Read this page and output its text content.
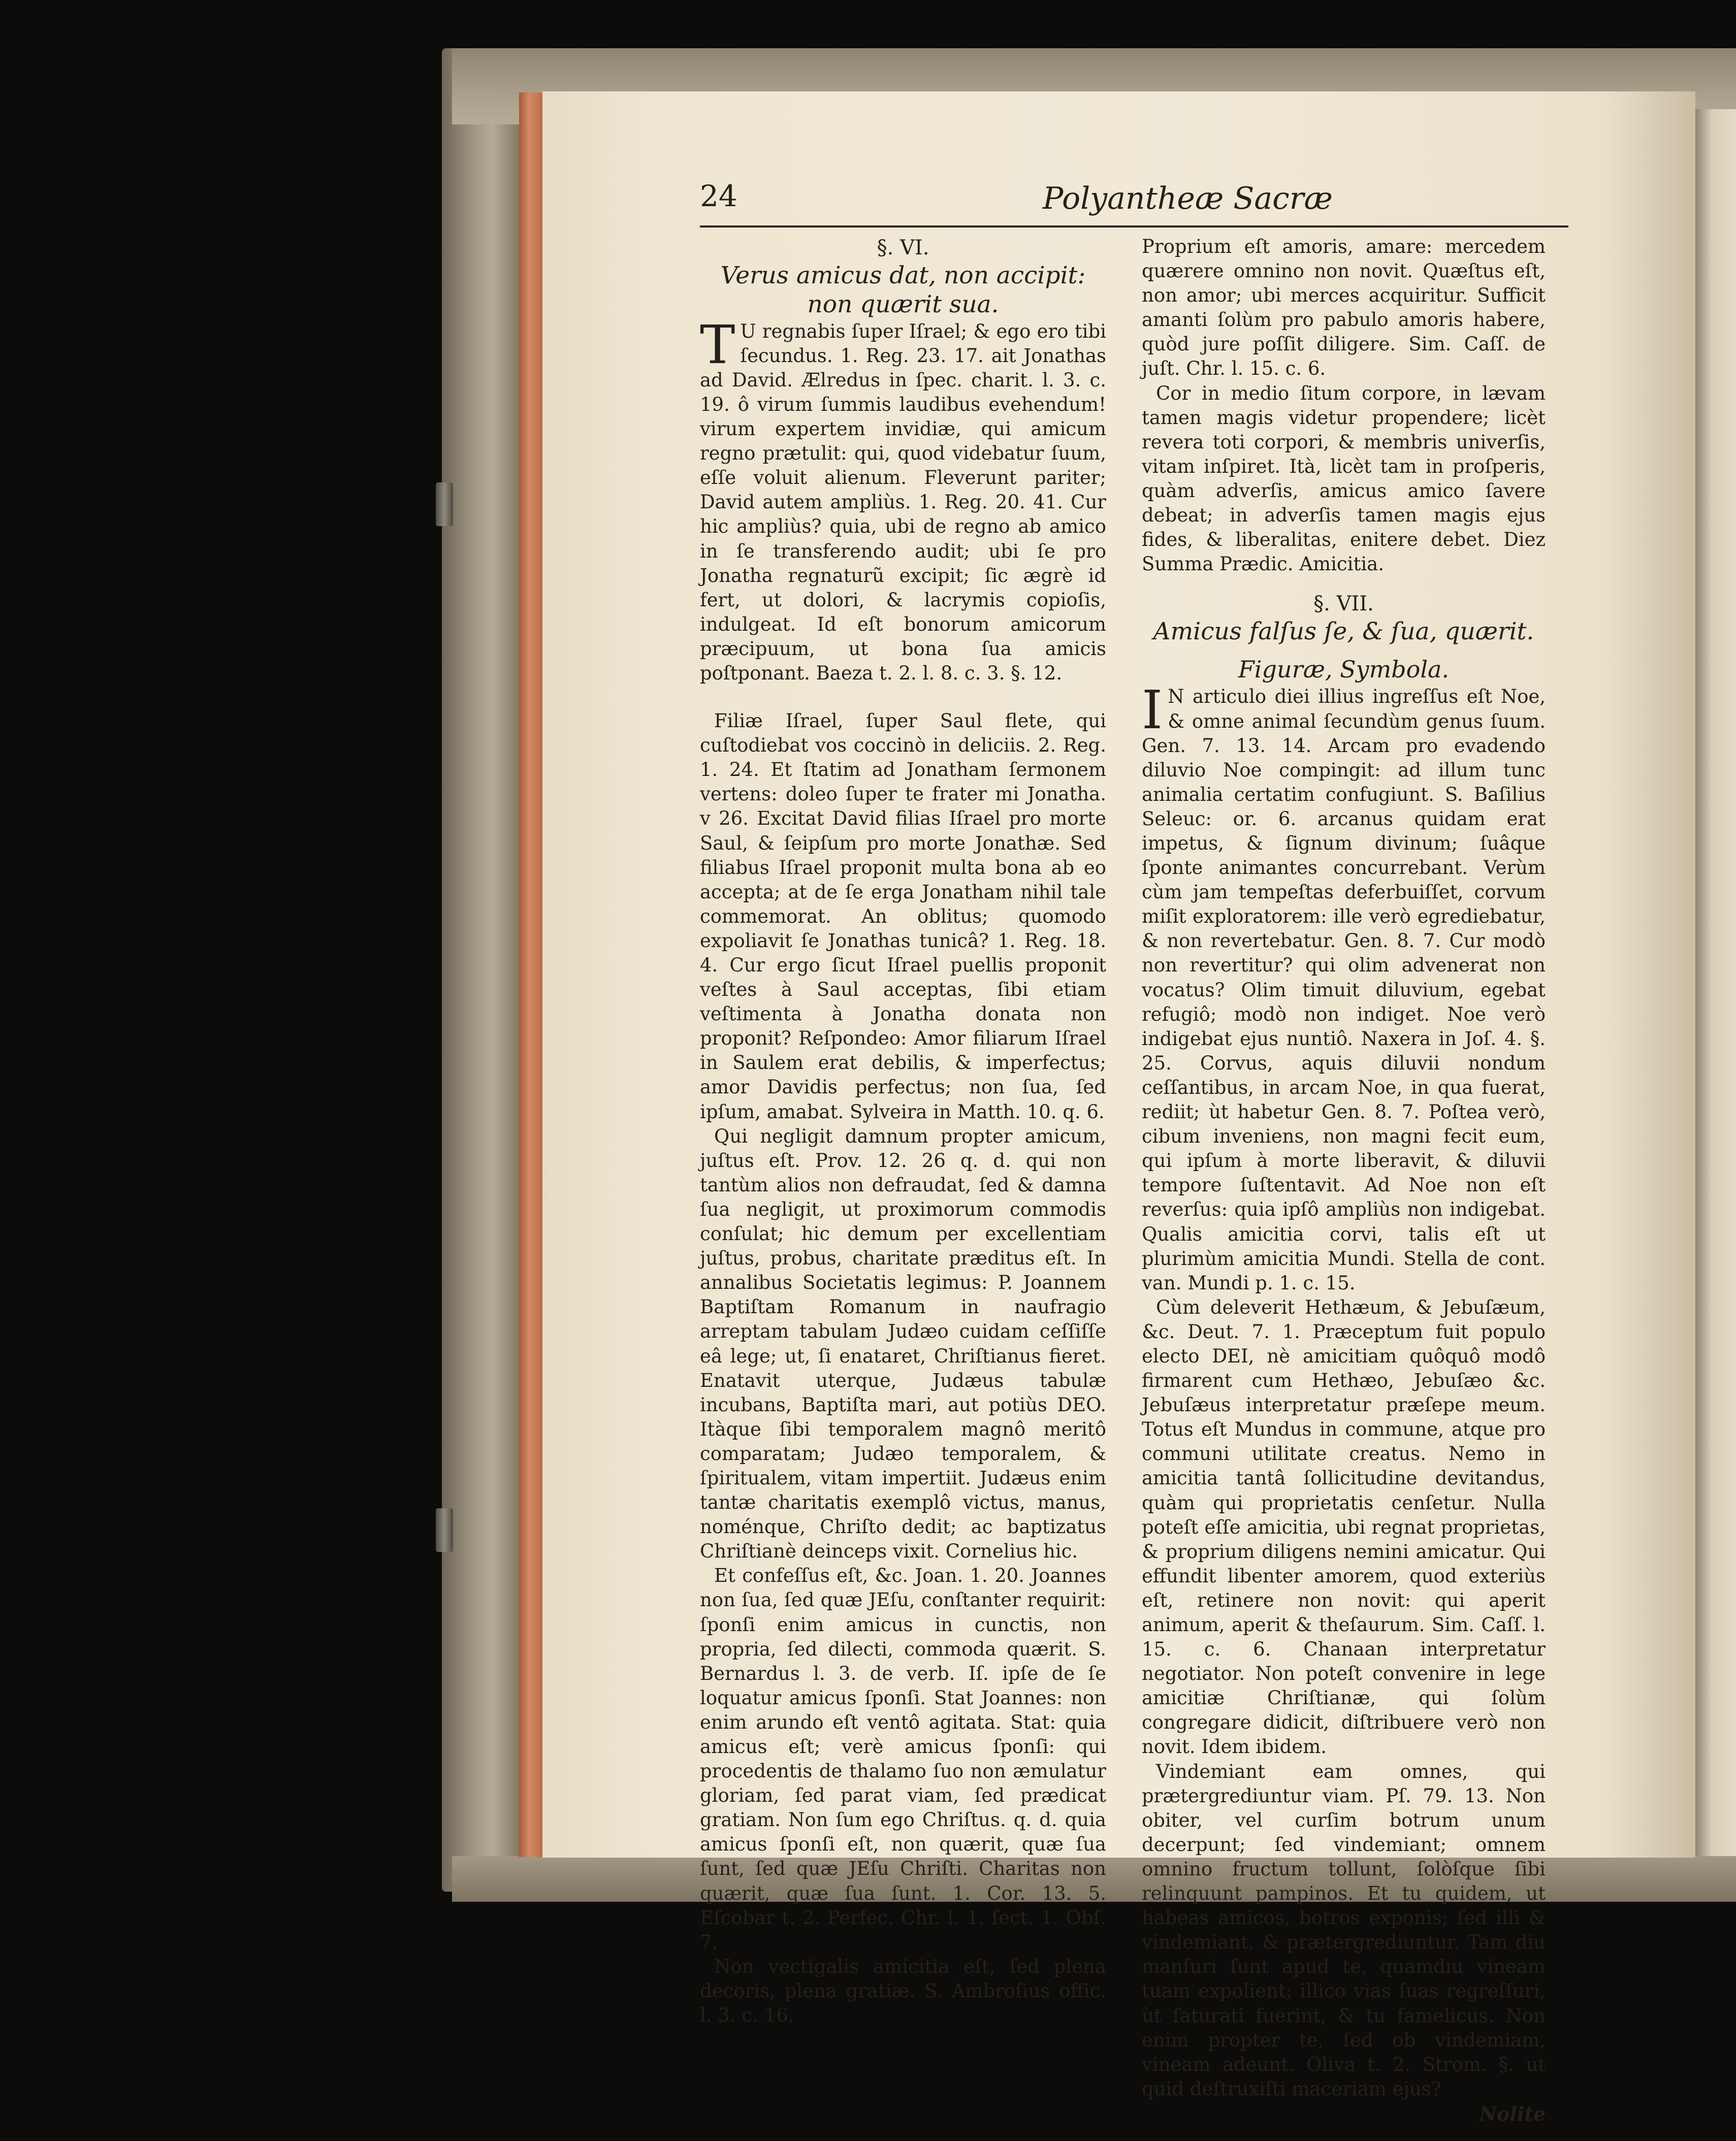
24	Polyantheæ Sacræ

§. VI.

Verus amicus dat, non accipit: non quærit sua.

T U regnabis ſuper Iſrael; & ego ero tibi ſecundus. 1. Reg. 23. 17. ait Jonathas ad David. Ælredus in ſpec. charit. l. 3. c. 19. ô virum ſummis laudibus evehendum! virum expertem invidiæ, qui amicum regno prætulit: qui, quod videbatur ſuum, eſſe voluit alienum. Fleverunt pariter; David autem ampliùs. 1. Reg. 20. 41. Cur hic ampliùs? quia, ubi de regno ab amico in ſe transferendo audit; ubi ſe pro Jonatha regnaturũ excipit; ſic ægrè id fert, ut dolori, & lacrymis copioſis, indulgeat. Id eſt bonorum amicorum præcipuum, ut bona ſua amicis poſtponant. Baeza t. 2. l. 8. c. 3. §. 12.

Filiæ Iſrael, ſuper Saul flete, qui cuſtodiebat vos coccinò in deliciis. 2. Reg. 1. 24. Et ſtatim ad Jonatham ſermonem vertens: doleo ſuper te frater mi Jonatha. v 26. Excitat David filias Iſrael pro morte Saul, & ſeipſum pro morte Jonathæ. Sed filiabus Iſrael proponit multa bona ab eo accepta; at de ſe erga Jonatham nihil tale commemorat. An oblitus; quomodo expoliavit ſe Jonathas tunicâ? 1. Reg. 18. 4. Cur ergo ſicut Iſrael puellis proponit veſtes à Saul acceptas, ſibi etiam veſtimenta à Jonatha donata non proponit? Reſpondeo: Amor filiarum Iſrael in Saulem erat debilis, & imperfectus; amor Davidis perfectus; non ſua, ſed ipſum, amabat. Sylveira in Matth. 10. q. 6.

Qui negligit damnum propter amicum, juſtus eſt. Prov. 12. 26 q. d. qui non tantùm alios non defraudat, ſed & damna ſua negligit, ut proximorum commodis conſulat; hic demum per excellentiam juſtus, probus, charitate præditus eſt. In annalibus Societatis legimus: P. Joannem Baptiſtam Romanum in naufragio arreptam tabulam Judæo cuidam ceſſiſſe eâ lege; ut, ſi enataret, Chriſtianus fieret. Enatavit uterque, Judæus tabulæ incubans, Baptiſta mari, aut potiùs DEO. Itàque ſibi temporalem magnô meritô comparatam; Judæo temporalem, & ſpiritualem, vitam impertiit. Judæus enim tantæ charitatis exemplô victus, manus, noménque, Chriſto dedit; ac baptizatus Chriſtianè deinceps vixit. Cornelius hic.

Et confeſſus eſt, &c. Joan. 1. 20. Joannes non ſua, ſed quæ JEſu, conſtanter requirit: ſponſi enim amicus in cunctis, non propria, ſed dilecti, commoda quærit. S. Bernardus l. 3. de verb. Iſ. ipſe de ſe loquatur amicus ſponſi. Stat Joannes: non enim arundo eſt ventô agitata. Stat: quia amicus eſt; verè amicus ſponſi: qui procedentis de thalamo ſuo non æmulatur gloriam, ſed parat viam, ſed prædicat gratiam. Non ſum ego Chriſtus. q. d. quia amicus ſponſi eſt, non quærit, quæ ſua ſunt, ſed quæ JEſu Chriſti. Charitas non quærit, quæ ſua ſunt. 1. Cor. 13. 5. Eſcobar t. 2. Perfec. Chr. l. 1. ſect. 1. Obſ. 7.

Non vectigalis amicitia eſt, ſed plena decoris, plena gratiæ. S. Ambroſius offic. l. 3. c. 16.

Proprium eſt amoris, amare: mercedem quærere omnino non novit. Quæſtus eſt, non amor; ubi merces acquiritur. Sufficit amanti ſolùm pro pabulo amoris habere, quòd jure poſſit diligere. Sim. Caſſ. de juſt. Chr. l. 15. c. 6.

Cor in medio ſitum corpore, in lævam tamen magis videtur propendere; licèt revera toti corpori, & membris univerſis, vitam inſpiret. Ità, licèt tam in proſperis, quàm adverſis, amicus amico ſavere debeat; in adverſis tamen magis ejus fides, & liberalitas, enitere debet. Diez Summa Prædic. Amicitia.

§. VII.

Amicus falſus ſe, & ſua, quærit.

Figuræ, Symbola.

I N articulo diei illius ingreſſus eſt Noe, & omne animal ſecundùm genus ſuum. Gen. 7. 13. 14. Arcam pro evadendo diluvio Noe compingit: ad illum tunc animalia certatim confugiunt. S. Baſilius Seleuc: or. 6. arcanus quidam erat impetus, & ſignum divinum; ſuâque ſponte animantes concurrebant. Verùm cùm jam tempeſtas deferbuiſſet, corvum miſit exploratorem: ille verò egrediebatur, & non revertebatur. Gen. 8. 7. Cur modò non revertitur? qui olim advenerat non vocatus? Olim timuit diluvium, egebat refugiô; modò non indiget. Noe verò indigebat ejus nuntiô. Naxera in Joſ. 4. §. 25. Corvus, aquis diluvii nondum ceſſantibus, in arcam Noe, in qua fuerat, rediit; ùt habetur Gen. 8. 7. Poſtea verò, cibum inveniens, non magni fecit eum, qui ipſum à morte liberavit, & diluvii tempore ſuſtentavit. Ad Noe non eſt reverſus: quia ipſô ampliùs non indigebat. Qualis amicitia corvi, talis eſt ut plurimùm amicitia Mundi. Stella de cont. van. Mundi p. 1. c. 15.

Cùm deleverit Hethæum, & Jebuſæum, &c. Deut. 7. 1. Præceptum fuit populo electo DEI, nè amicitiam quôquô modô firmarent cum Hethæo, Jebuſæo &c. Jebuſæus interpretatur præſepe meum. Totus eſt Mundus in commune, atque pro communi utilitate creatus. Nemo in amicitia tantâ ſollicitudine devitandus, quàm qui proprietatis cenſetur. Nulla poteſt eſſe amicitia, ubi regnat proprietas, & proprium diligens nemini amicatur. Qui effundit libenter amorem, quod exteriùs eſt, retinere non novit: qui aperit animum, aperit & theſaurum. Sim. Caſſ. l. 15. c. 6. Chanaan interpretatur negotiator. Non poteſt convenire in lege amicitiæ Chriſtianæ, qui ſolùm congregare didicit, diſtribuere verò non novit. Idem ibidem.

Vindemiant eam omnes, qui prætergrediuntur viam. Pſ. 79. 13. Non obiter, vel curſim botrum unum decerpunt; ſed vindemiant; omnem omnino fructum tollunt, ſolòſque ſibi relinquunt pampinos. Et tu quidem, ut habeas amicos, botros exponis; ſed illi & vindemiant, & prætergrediuntur. Tam diu manſuri ſunt apud te, quamdiu vineam tuam expolient; illico vias ſuas regreſſuri, ùt ſaturati fuerint, & tu famelicus. Non enim propter te, ſed ob vindemiam, vineam adeunt. Oliva t. 2. Strom. §. ut quid deſtruxiſti maceriam ejus?

Nolite
